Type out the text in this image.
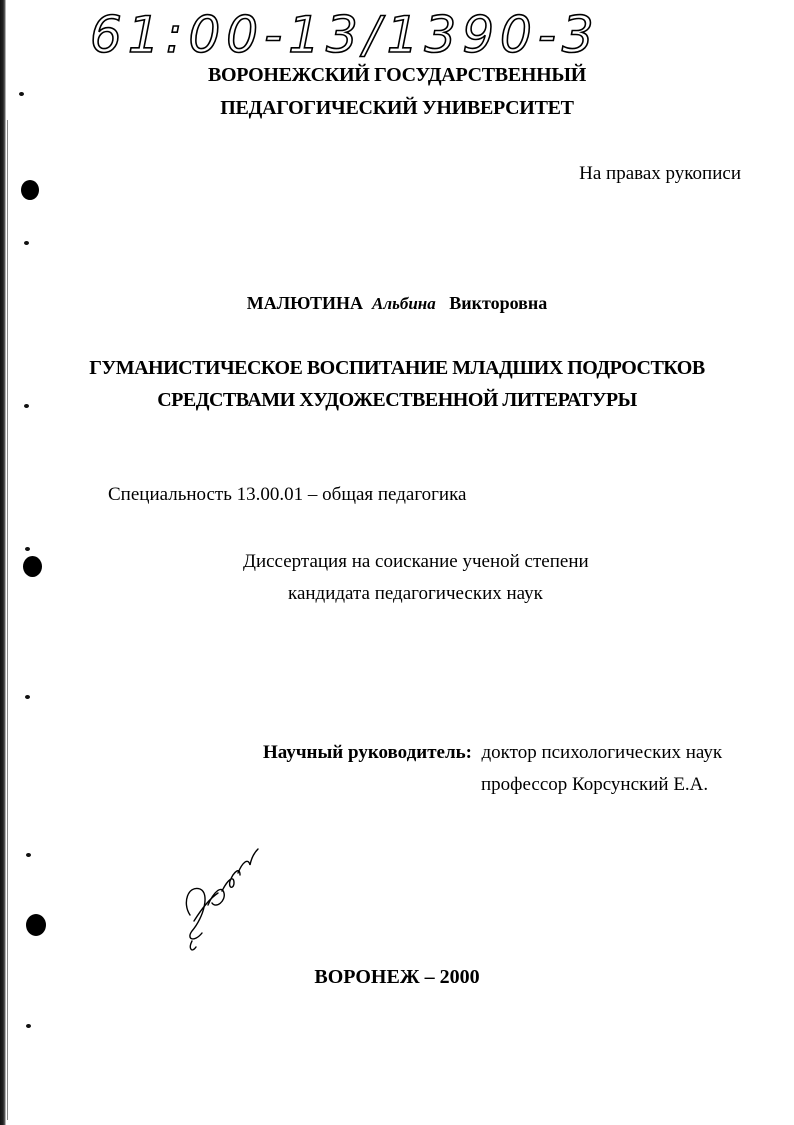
61:00-13/1390-3
ВОРОНЕЖСКИЙ ГОСУДАРСТВЕННЫЙ
ПЕДАГОГИЧЕСКИЙ УНИВЕРСИТЕТ
На правах рукописи
МАЛЮТИНА Альбина Викторовна
ГУМАНИСТИЧЕСКОЕ ВОСПИТАНИЕ МЛАДШИХ ПОДРОСТКОВ
СРЕДСТВАМИ ХУДОЖЕСТВЕННОЙ ЛИТЕРАТУРЫ
Специальность 13.00.01 – общая педагогика
Диссертация на соискание ученой степени
кандидата педагогических наук
Научный руководитель: доктор психологических наук
профессор Корсунский Е.А.
ВОРОНЕЖ – 2000
